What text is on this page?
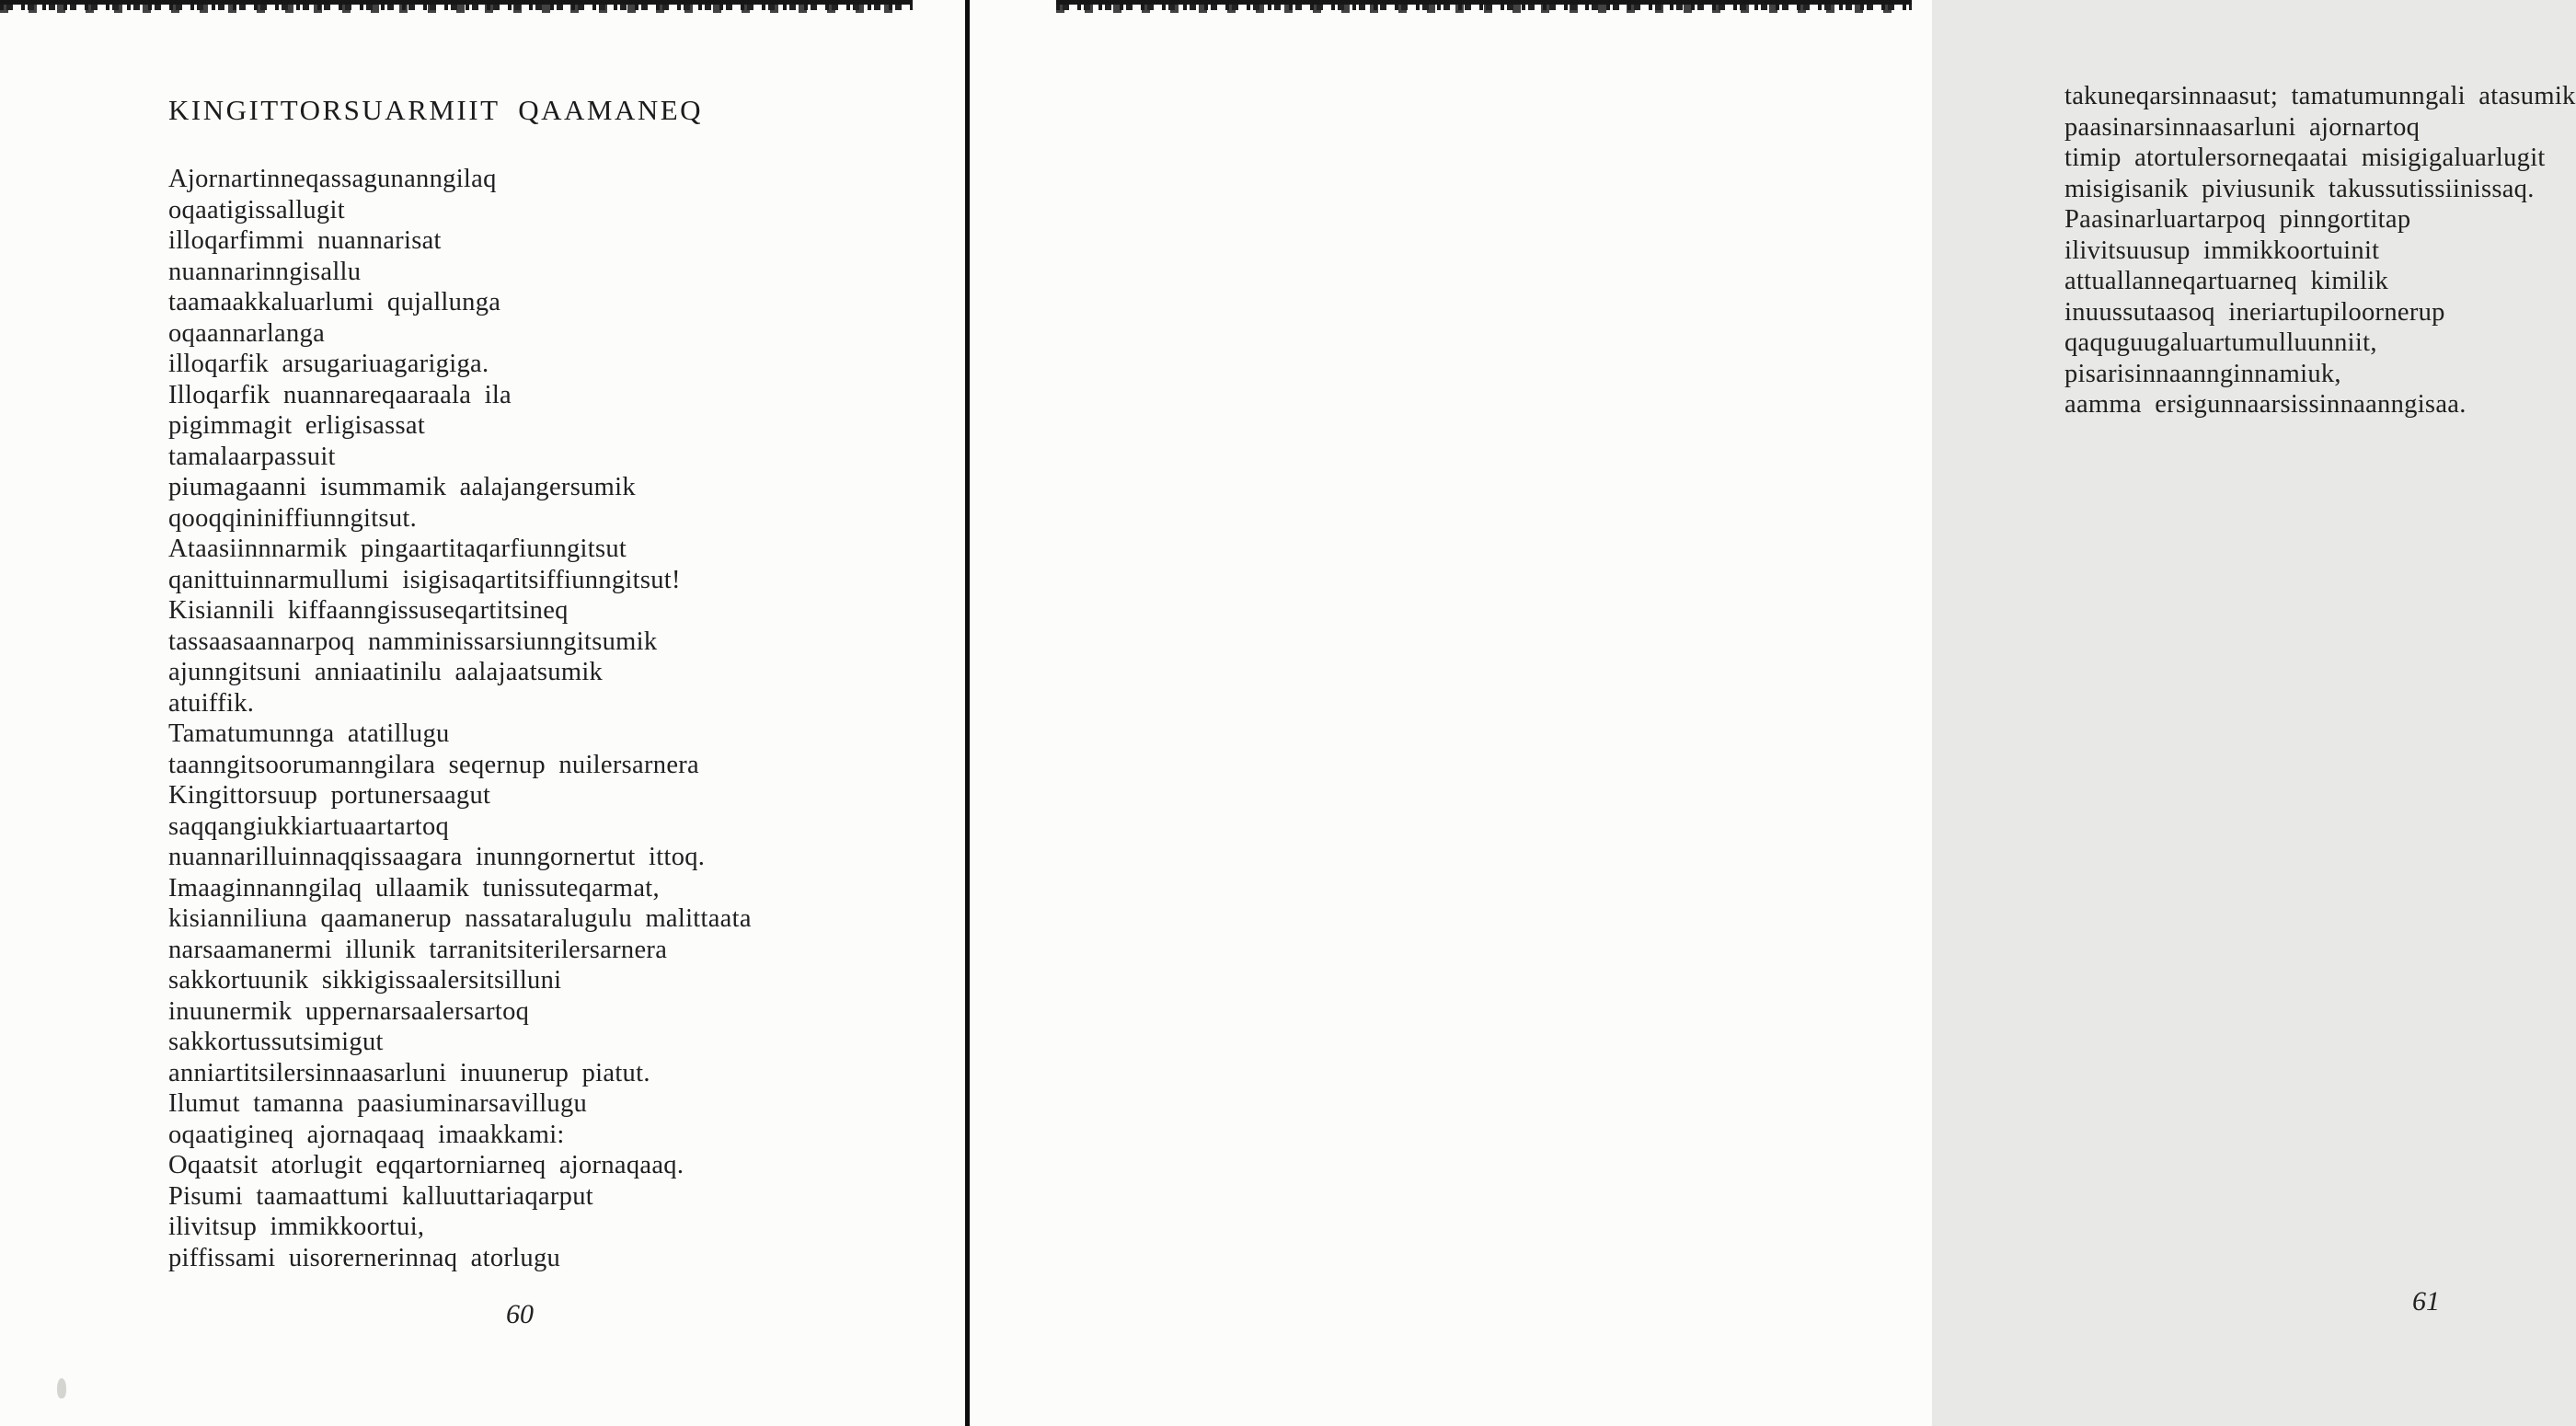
KINGITTORSUARMIIT QAAMANEQ
Ajornartinneqassagunanngilaq
oqaatigissallugit
illoqarfimmi nuannarisat
nuannarinngisallu
taamaakkaluarlumi qujallunga
oqaannarlanga
illoqarfik arsugariuagarigiga.
Illoqarfik nuannareqaaraala ila
pigimmagit erligisassat
tamalaarpassuit
piumagaanni isummamik aalajangersumik
qooqqininiffiunngitsut.
Ataasiinnnarmik pingaartitaqarfiunngitsut
qanittuinnarmullumi isigisaqartitsiffiunngitsut!
Kisiannili kiffaanngissuseqartitsineq
tassaasaannarpoq namminissarsiunngitsumik
ajunngitsuni anniaatinilu aalajaatsumik
atuiffik.
Tamatumunnga atatillugu
taanngitsoorumanngilara seqernup nuilersarnera
Kingittorsuup portunersaagut
saqqangiukkiartuaartartoq
nuannarilluinnaqqissaagara inunngornertut ittoq.
Imaaginnanngilaq ullaamik tunissuteqarmat,
kisianniliuna qaamanerup nassataralugulu malittaata
narsaamanermi illunik tarranitsiterilersarnera
sakkortuunik sikkigissaalersitsilluni
inuunermik uppernarsaalersartoq
sakkortussutsimigut
anniartitsilersinnaasarluni inuunerup piatut.
Ilumut tamanna paasiuminarsavillugu
oqaatigineq ajornaqaaq imaakkami:
Oqaatsit atorlugit eqqartorniarneq ajornaqaaq.
Pisumi taamaattumi kalluuttariaqarput
ilivitsup immikkoortui,
piffissami uisorernerinnaq atorlugu
60
takuneqarsinnaasut; tamatumunngali atasumik
paasinarsinnaasarluni ajornartoq
timip atortulersorneqaatai misigigaluarlugit
misigisanik piviusunik takussutissiinissaq.
Paasinarluartarpoq pinngortitap
ilivitsuusup immikkoortuinit
attuallanneqartuarneq kimilik
inuussutaasoq ineriartupiloornerup
qaquguugaluartumulluunniit,
pisarisinnaannginnamiuk,
aamma ersigunnaarsissinnaanngisaa.
61
